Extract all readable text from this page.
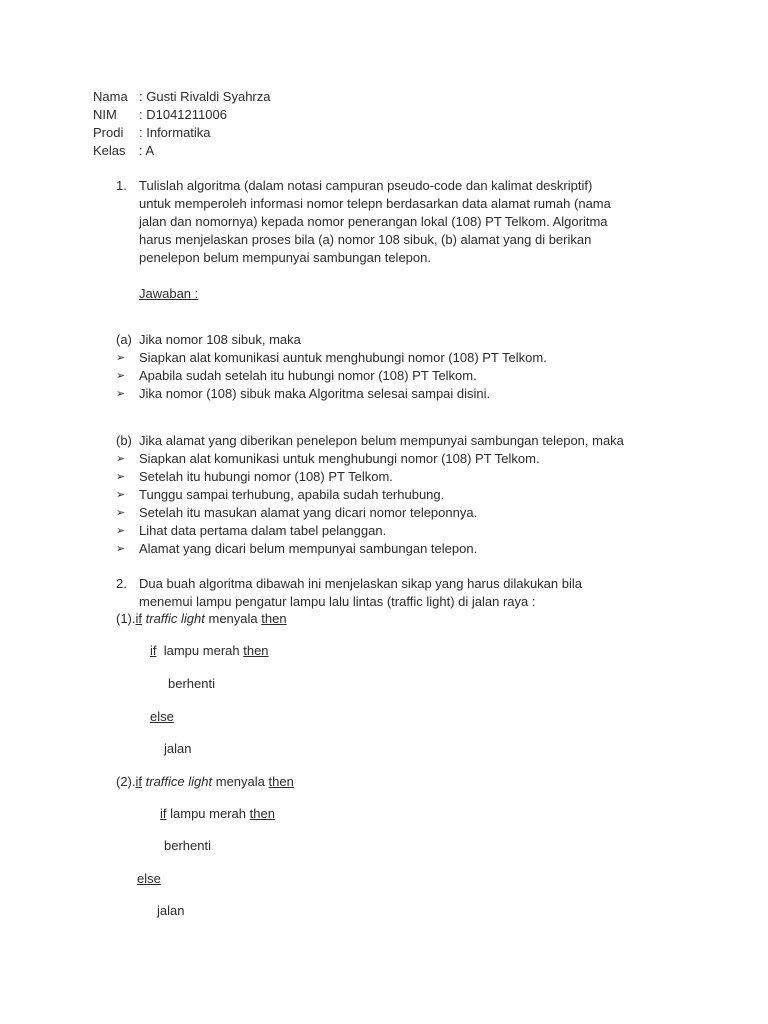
Nama : Gusti Rivaldi Syahrza
NIM : D1041211006
Prodi : Informatika
Kelas : A
1. Tulislah algoritma (dalam notasi campuran pseudo-code dan kalimat deskriptif)
untuk memperoleh informasi nomor telepn berdasarkan data alamat rumah (nama
jalan dan nomornya) kepada nomor penerangan lokal (108) PT Telkom. Algoritma
harus menjelaskan proses bila (a) nomor 108 sibuk, (b) alamat yang di berikan
penelepon belum mempunyai sambungan telepon.
Jawaban :
(a) Jika nomor 108 sibuk, maka
➢ Siapkan alat komunikasi auntuk menghubungi nomor (108) PT Telkom.
➢ Apabila sudah setelah itu hubungi nomor (108) PT Telkom.
➢ Jika nomor (108) sibuk maka Algoritma selesai sampai disini.
(b) Jika alamat yang diberikan penelepon belum mempunyai sambungan telepon, maka
➢ Siapkan alat komunikasi untuk menghubungi nomor (108) PT Telkom.
➢ Setelah itu hubungi nomor (108) PT Telkom.
➢ Tunggu sampai terhubung, apabila sudah terhubung.
➢ Setelah itu masukan alamat yang dicari nomor teleponnya.
➢ Lihat data pertama dalam tabel pelanggan.
➢ Alamat yang dicari belum mempunyai sambungan telepon.
2. Dua buah algoritma dibawah ini menjelaskan sikap yang harus dilakukan bila
menemui lampu pengatur lampu lalu lintas (traffic light) di jalan raya :
(1).if traffic light menyala then
if lampu merah then
berhenti
else
jalan
(2).if traffice light menyala then
if lampu merah then
berhenti
else
jalan
